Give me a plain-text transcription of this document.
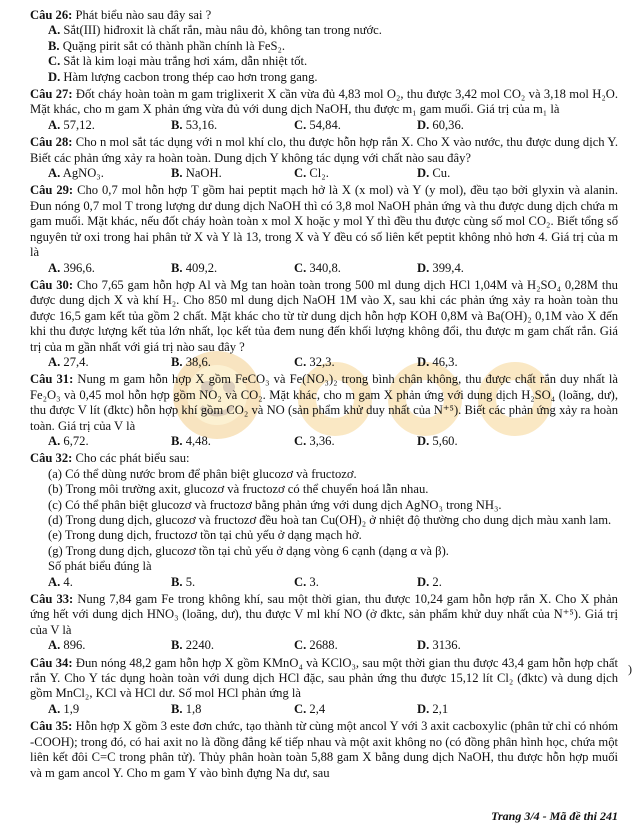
Câu 26: Phát biểu nào sau đây sai ?
A. Sắt(III) hiđroxit là chất rắn, màu nâu đỏ, không tan trong nước.
B. Quặng pirit sắt có thành phần chính là FeS₂.
C. Sắt là kim loại màu trắng hơi xám, dẫn nhiệt tốt.
D. Hàm lượng cacbon trong thép cao hơn trong gang.
Câu 27: Đốt cháy hoàn toàn m gam triglixerit X cần vừa đủ 4,83 mol O₂, thu được 3,42 mol CO₂ và 3,18 mol H₂O. Mặt khác, cho m gam X phản ứng vừa đủ với dung dịch NaOH, thu được m₁ gam muối. Giá trị của m₁ là
A. 57,12.	B. 53,16.	C. 54,84.	D. 60,36.
Câu 28: Cho n mol sắt tác dụng với n mol khí clo, thu được hỗn hợp rắn X. Cho X vào nước, thu được dung dịch Y. Biết các phản ứng xảy ra hoàn toàn. Dung dịch Y không tác dụng với chất nào sau đây?
A. AgNO₃.	B. NaOH.	C. Cl₂.	D. Cu.
Câu 29: Cho 0,7 mol hỗn hợp T gồm hai peptit mạch hở là X (x mol) và Y (y mol), đều tạo bởi glyxin và alanin. Đun nóng 0,7 mol T trong lượng dư dung dịch NaOH thì có 3,8 mol NaOH phản ứng và thu được dung dịch chứa m gam muối. Mặt khác, nếu đốt cháy hoàn toàn x mol X hoặc y mol Y thì đều thu được cùng số mol CO₂. Biết tổng số nguyên tử oxi trong hai phân tử X và Y là 13, trong X và Y đều có số liên kết peptit không nhỏ hơn 4. Giá trị của m là
A. 396,6.	B. 409,2.	C. 340,8.	D. 399,4.
Câu 30: Cho 7,65 gam hỗn hợp Al và Mg tan hoàn toàn trong 500 ml dung dịch HCl 1,04M và H₂SO₄ 0,28M thu được dung dịch X và khí H₂. Cho 850 ml dung dịch NaOH 1M vào X, sau khi các phản ứng xảy ra hoàn toàn thu được 16,5 gam kết tủa gồm 2 chất. Mặt khác cho từ từ dung dịch hỗn hợp KOH 0,8M và Ba(OH)₂ 0,1M vào X đến khi thu được lượng kết tủa lớn nhất, lọc kết tủa đem nung đến khối lượng không đổi, thu được m gam chất rắn. Giá trị của m gần nhất với giá trị nào sau đây ?
A. 27,4.	B. 38,6.	C. 32,3.	D. 46,3.
Câu 31: Nung m gam hỗn hợp X gồm FeCO₃ và Fe(NO₃)₂ trong bình chân không, thu được chất rắn duy nhất là Fe₂O₃ và 0,45 mol hỗn hợp gồm NO₂ và CO₂. Mặt khác, cho m gam X phản ứng với dung dịch H₂SO₄ (loãng, dư), thu được V lít (đktc) hỗn hợp khí gồm CO₂ và NO (sản phẩm khử duy nhất của N⁺⁵). Biết các phản ứng xảy ra hoàn toàn. Giá trị của V là
A. 6,72.	B. 4,48.	C. 3,36.	D. 5,60.
Câu 32: Cho các phát biểu sau:
(a) Có thể dùng nước brom để phân biệt glucozơ và fructozơ.
(b) Trong môi trường axit, glucozơ và fructozơ có thể chuyển hoá lẫn nhau.
(c) Có thể phân biệt glucozơ và fructozơ bằng phản ứng với dung dịch AgNO₃ trong NH₃.
(d) Trong dung dịch, glucozơ và fructozơ đều hoà tan Cu(OH)₂ ở nhiệt độ thường cho dung dịch màu xanh lam.
(e) Trong dung dịch, fructozơ tồn tại chủ yếu ở dạng mạch hở.
(g) Trong dung dịch, glucozơ tồn tại chủ yếu ở dạng vòng 6 cạnh (dạng α và β).
Số phát biểu đúng là
A. 4.	B. 5.	C. 3.	D. 2.
Câu 33: Nung 7,84 gam Fe trong không khí, sau một thời gian, thu được 10,24 gam hỗn hợp rắn X. Cho X phản ứng hết với dung dịch HNO₃ (loãng, dư), thu được V ml khí NO (ở đktc, sản phẩm khử duy nhất của N⁺⁵). Giá trị của V là
A. 896.	B. 2240.	C. 2688.	D. 3136.
Câu 34: Đun nóng 48,2 gam hỗn hợp X gồm KMnO₄ và KClO₃, sau một thời gian thu được 43,4 gam hỗn hợp chất rắn Y. Cho Y tác dụng hoàn toàn với dung dịch HCl đặc, sau phản ứng thu được 15,12 lít Cl₂ (đktc) và dung dịch gồm MnCl₂, KCl và HCl dư. Số mol HCl phản ứng là
A. 1,9	B. 1,8	C. 2,4	D. 2,1
Câu 35: Hỗn hợp X gồm 3 este đơn chức, tạo thành từ cùng một ancol Y với 3 axit cacboxylic (phân tử chỉ có nhóm -COOH); trong đó, có hai axit no là đồng đẳng kế tiếp nhau và một axit không no (có đồng phân hình học, chứa một liên kết đôi C=C trong phân tử). Thủy phân hoàn toàn 5,88 gam X bằng dung dịch NaOH, thu được hỗn hợp muối và m gam ancol Y. Cho m gam Y vào bình đựng Na dư, sau
)
Trang 3/4 - Mã đề thi 241
